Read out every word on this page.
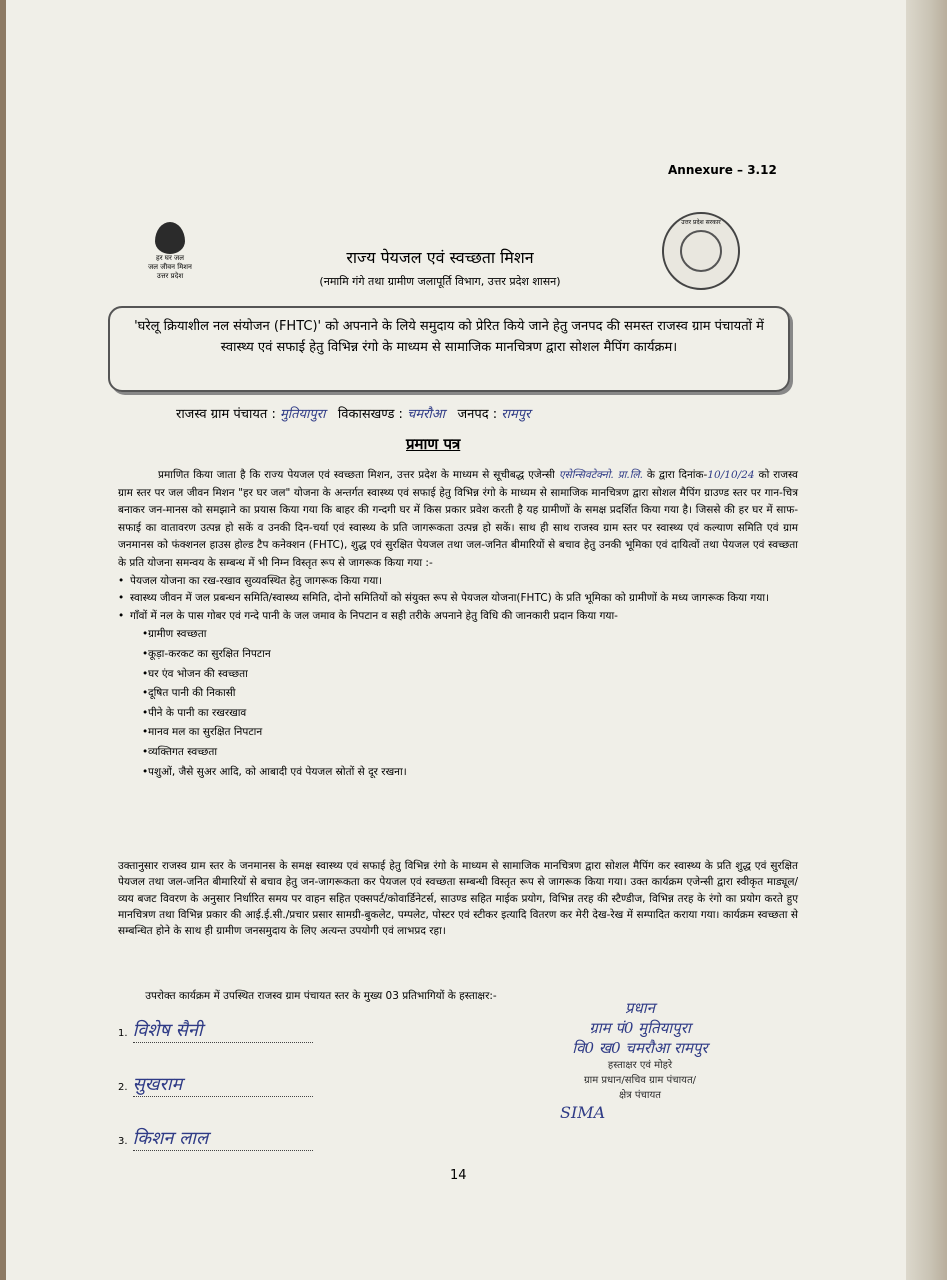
Annexure – 3.12
हर घर जल
जल जीवन मिशन
उत्तर प्रदेश
उत्तर प्रदेश सरकार
राज्य पेयजल एवं स्वच्छता मिशन
(नमामि गंगे तथा ग्रामीण जलापूर्ति विभाग, उत्तर प्रदेश शासन)
'घरेलू क्रियाशील नल संयोजन (FHTC)' को अपनाने के लिये समुदाय को प्रेरित किये जाने हेतु जनपद की समस्त राजस्व ग्राम पंचायतों में स्वास्थ्य एवं सफाई हेतु विभिन्न रंगो के माध्यम से सामाजिक मानचित्रण द्वारा सोशल मैपिंग कार्यक्रम।
राजस्व ग्राम पंचायत : मुतियापुरा विकासखण्ड : चमरौआ जनपद : रामपुर
प्रमाण पत्र
प्रमाणित किया जाता है कि राज्य पेयजल एवं स्वच्छता मिशन, उत्तर प्रदेश के माध्यम से सूचीबद्ध एजेन्सी एसेन्सिवटेक्नो. प्रा.लि. के द्वारा दिनांक-10/10/24 को राजस्व ग्राम स्तर पर जल जीवन मिशन "हर घर जल" योजना के अन्तर्गत स्वास्थ्य एवं सफाई हेतु विभिन्न रंगो के माध्यम से सामाजिक मानचित्रण द्वारा सोशल मैपिंग ग्राउण्ड स्तर पर गान-चित्र बनाकर जन-मानस को समझाने का प्रयास किया गया कि बाहर की गन्दगी घर में किस प्रकार प्रवेश करती है यह ग्रामीणों के समक्ष प्रदर्शित किया गया है। जिससे की हर घर में साफ-सफाई का वातावरण उत्पन्न हो सकें व उनकी दिन-चर्या एवं स्वास्थ्य के प्रति जागरूकता उत्पन्न हो सकें। साथ ही साथ राजस्व ग्राम स्तर पर स्वास्थ्य एवं कल्याण समिति एवं ग्राम जनमानस को फंक्शनल हाउस होल्ड टैप कनेक्शन (FHTC), शुद्ध एवं सुरक्षित पेयजल तथा जल-जनित बीमारियों से बचाव हेतु उनकी भूमिका एवं दायित्वों तथा पेयजल एवं स्वच्छता के प्रति योजना समन्वय के सम्बन्ध में भी निम्न विस्तृत रूप से जागरूक किया गया :-
• पेयजल योजना का रख-रखाव सुव्यवस्थित हेतु जागरूक किया गया।
• स्वास्थ्य जीवन में जल प्रबन्धन समिति/स्वास्थ्य समिति, दोनो समितियों को संयुक्त रूप से पेयजल योजना(FHTC) के प्रति भूमिका को ग्रामीणों के मध्य जागरूक किया गया।
• गाँवों में नल के पास गोबर एवं गन्दे पानी के जल जमाव के निपटान व सही तरीके अपनाने हेतु विधि की जानकारी प्रदान किया गया-
• ग्रामीण स्वच्छता
• कूड़ा-करकट का सुरक्षित निपटान
• घर एंव भोजन की स्वच्छता
• दूषित पानी की निकासी
• पीने के पानी का रखरखाव
• मानव मल का सुरक्षित निपटान
• व्यक्तिगत स्वच्छता
• पशुओं, जैसे सुअर आदि, को आबादी एवं पेयजल स्रोतों से दूर रखना।
उक्तानुसार राजस्व ग्राम स्तर के जनमानस के समक्ष स्वास्थ्य एवं सफाई हेतु विभिन्न रंगो के माध्यम से सामाजिक मानचित्रण द्वारा सोशल मैपिंग कर स्वास्थ्य के प्रति शुद्ध एवं सुरक्षित पेयजल तथा जल-जनित बीमारियों से बचाव हेतु जन-जागरूकता कर पेयजल एवं स्वच्छता सम्बन्धी विस्तृत रूप से जागरूक किया गया। उक्त कार्यक्रम एजेन्सी द्वारा स्वीकृत माड्यूल/व्यय बजट विवरण के अनुसार निर्धारित समय पर वाहन सहित एक्सपर्ट/कोवार्डिनेटर्स, साउण्ड सहित माईक प्रयोग, विभिन्न तरह की स्टैण्डीज, विभिन्न तरह के रंगो का प्रयोग करते हुए मानचित्रण तथा विभिन्न प्रकार की आई.ई.सी./प्रचार प्रसार सामग्री-बुकलेट, पम्पलेट, पोस्टर एवं स्टीकर इत्यादि वितरण कर मेरी देख-रेख में सम्पादित कराया गया। कार्यक्रम स्वच्छता से सम्बन्धित होने के साथ ही ग्रामीण जनसमुदाय के लिए अत्यन्त उपयोगी एवं लाभप्रद रहा।
उपरोक्त कार्यक्रम में उपस्थित राजस्व ग्राम पंचायत स्तर के मुख्य 03 प्रतिभागियों के हस्ताक्षर:-
1. विशेष सैनी
2. सुखराम
3. किशन लाल
प्रधान
ग्राम पं0 मुतियापुरा
वि0 ख0 चमरौआ रामपुर
हस्ताक्षर एवं मोहरे
ग्राम प्रधान/सचिव ग्राम पंचायत/
क्षेत्र पंचायत
SIMA
14
